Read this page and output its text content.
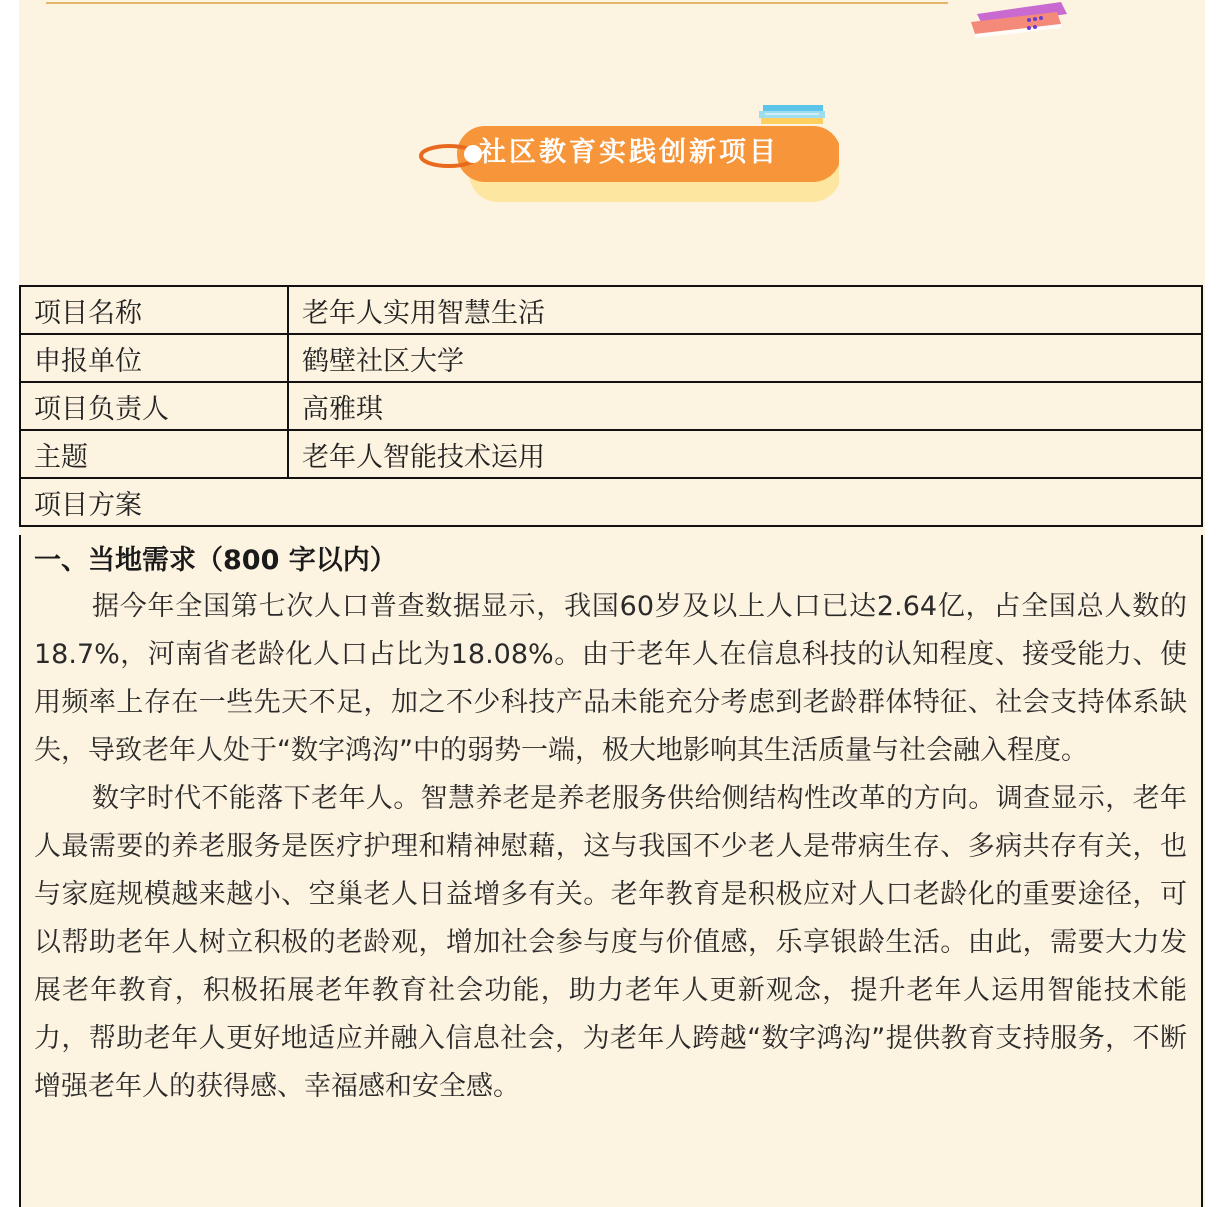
社区教育实践创新项目
项目名称	老年人实用智慧生活
申报单位	鹤壁社区大学
项目负责人	高雅琪
主题	老年人智能技术运用
项目方案	

一、当地需求（800 字以内）

据今年全国第七次人口普查数据显示，我国60岁及以上人口已达2.64亿，占全国总人数的18.7%，河南省老龄化人口占比为18.08%。由于老年人在信息科技的认知程度、接受能力、使用频率上存在一些先天不足，加之不少科技产品未能充分考虑到老龄群体特征、社会支持体系缺失，导致老年人处于“数字鸿沟”中的弱势一端，极大地影响其生活质量与社会融入程度。

数字时代不能落下老年人。智慧养老是养老服务供给侧结构性改革的方向。调查显示，老年人最需要的养老服务是医疗护理和精神慰藉，这与我国不少老人是带病生存、多病共存有关，也与家庭规模越来越小、空巢老人日益增多有关。老年教育是积极应对人口老龄化的重要途径，可以帮助老年人树立积极的老龄观，增加社会参与度与价值感，乐享银龄生活。由此，需要大力发展老年教育，积极拓展老年教育社会功能，助力老年人更新观念，提升老年人运用智能技术能力，帮助老年人更好地适应并融入信息社会，为老年人跨越“数字鸿沟”提供教育支持服务，不断增强老年人的获得感、幸福感和安全感。
